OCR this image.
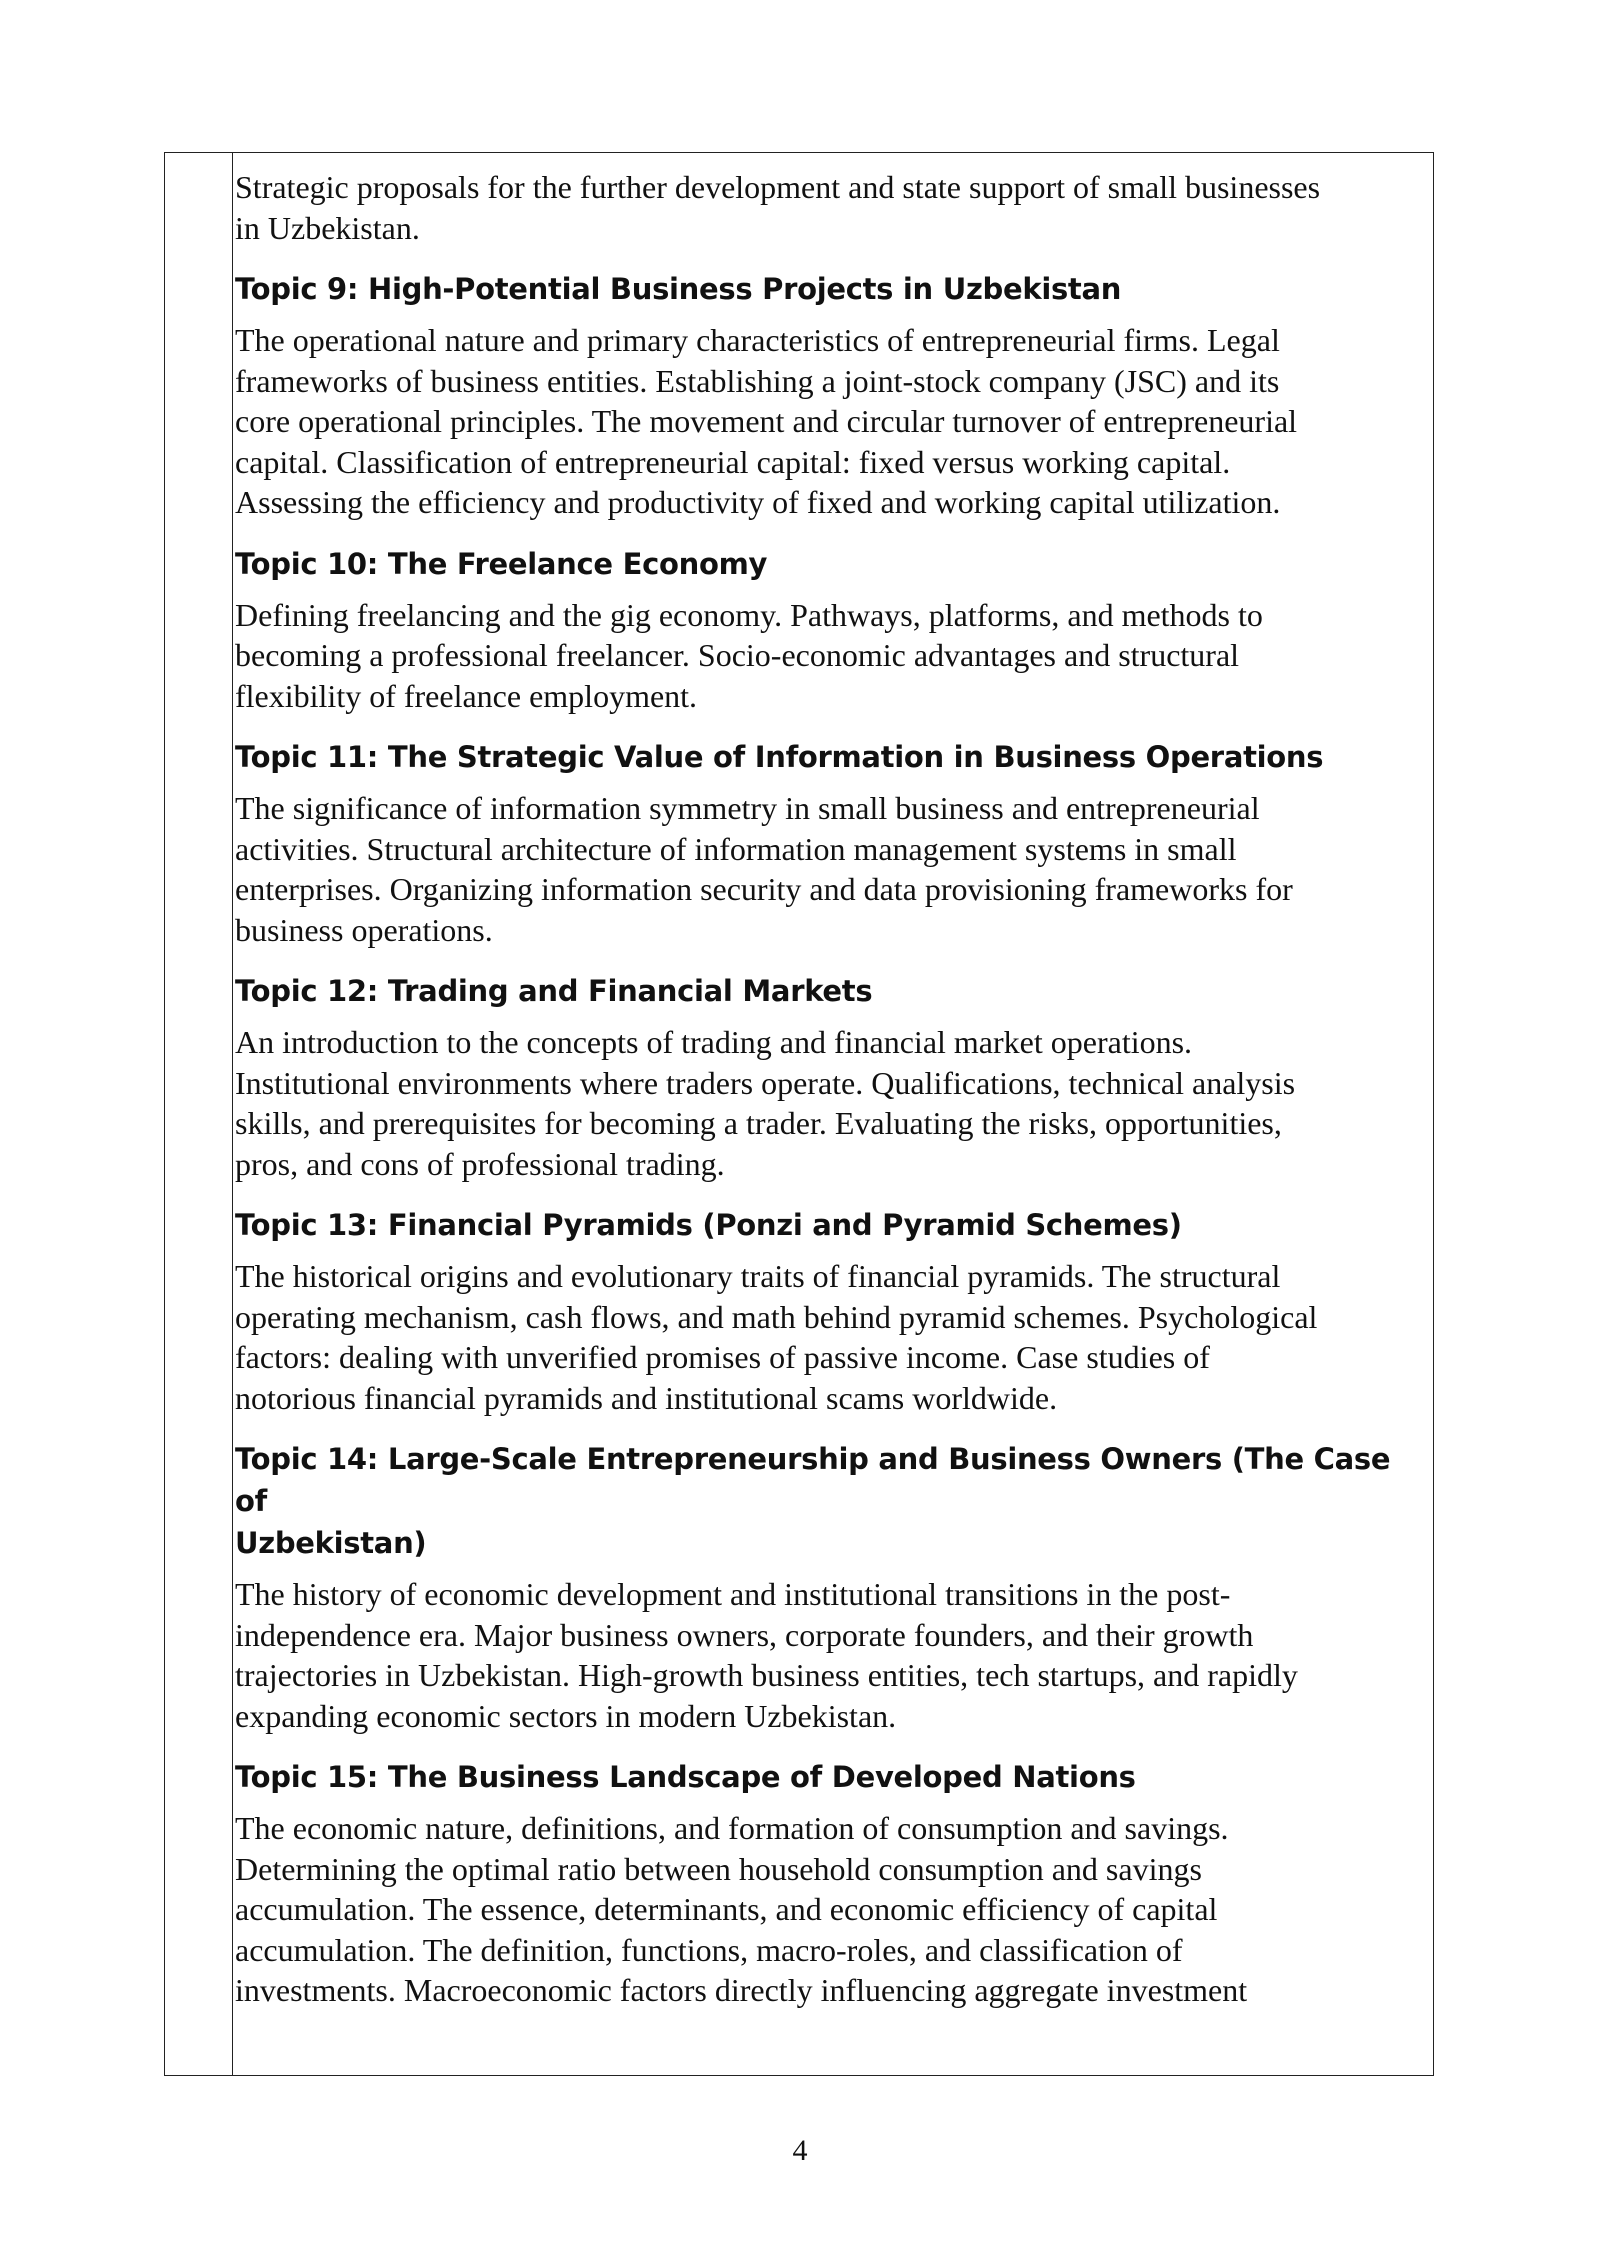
Strategic proposals for the further development and state support of small businesses
in Uzbekistan.

Topic 9: High-Potential Business Projects in Uzbekistan

The operational nature and primary characteristics of entrepreneurial firms. Legal
frameworks of business entities. Establishing a joint-stock company (JSC) and its
core operational principles. The movement and circular turnover of entrepreneurial
capital. Classification of entrepreneurial capital: fixed versus working capital.
Assessing the efficiency and productivity of fixed and working capital utilization.

Topic 10: The Freelance Economy

Defining freelancing and the gig economy. Pathways, platforms, and methods to
becoming a professional freelancer. Socio-economic advantages and structural
flexibility of freelance employment.

Topic 11: The Strategic Value of Information in Business Operations

The significance of information symmetry in small business and entrepreneurial
activities. Structural architecture of information management systems in small
enterprises. Organizing information security and data provisioning frameworks for
business operations.

Topic 12: Trading and Financial Markets

An introduction to the concepts of trading and financial market operations.
Institutional environments where traders operate. Qualifications, technical analysis
skills, and prerequisites for becoming a trader. Evaluating the risks, opportunities,
pros, and cons of professional trading.

Topic 13: Financial Pyramids (Ponzi and Pyramid Schemes)

The historical origins and evolutionary traits of financial pyramids. The structural
operating mechanism, cash flows, and math behind pyramid schemes. Psychological
factors: dealing with unverified promises of passive income. Case studies of
notorious financial pyramids and institutional scams worldwide.

Topic 14: Large-Scale Entrepreneurship and Business Owners (The Case of
Uzbekistan)

The history of economic development and institutional transitions in the post-
independence era. Major business owners, corporate founders, and their growth
trajectories in Uzbekistan. High-growth business entities, tech startups, and rapidly
expanding economic sectors in modern Uzbekistan.

Topic 15: The Business Landscape of Developed Nations

The economic nature, definitions, and formation of consumption and savings.
Determining the optimal ratio between household consumption and savings
accumulation. The essence, determinants, and economic efficiency of capital
accumulation. The definition, functions, macro-roles, and classification of
investments. Macroeconomic factors directly influencing aggregate investment

4
